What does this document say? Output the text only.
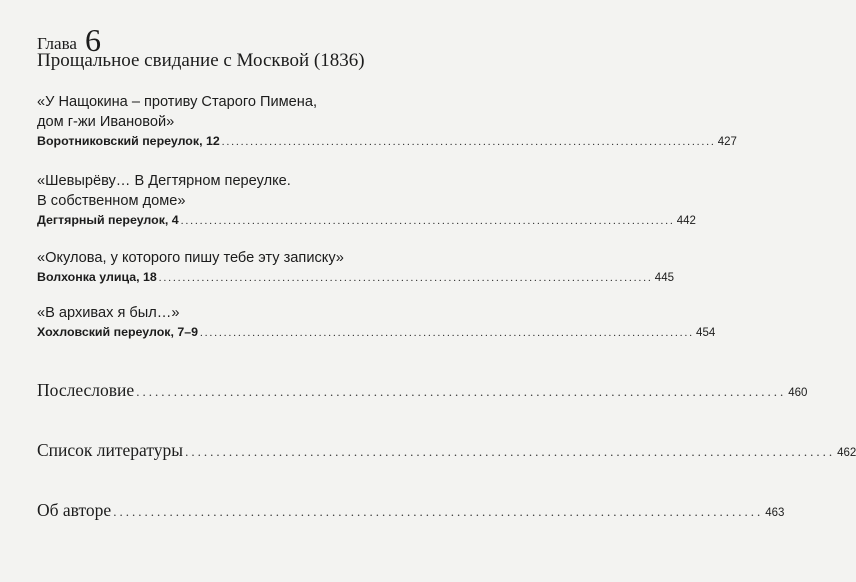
Глава 6
Прощальное свидание с Москвой (1836)
«У Нащокина – противу Старого Пимена,
дом г-жи Ивановой»
Воротниковский переулок, 12 ........................................................................................................ 427
«Шевырёву… В Дегтярном переулке.
В собственном доме»
Дегтярный переулок, 4 ........................................................................................................ 442
«Окулова, у которого пишу тебе эту записку»
Волхонка улица, 18 ........................................................................................................ 445
«В архивах я был…»
Хохловский переулок, 7–9 ........................................................................................................ 454
Послесловие ........................................................................................................ 460
Список литературы ........................................................................................................ 462
Об авторе ........................................................................................................ 463
